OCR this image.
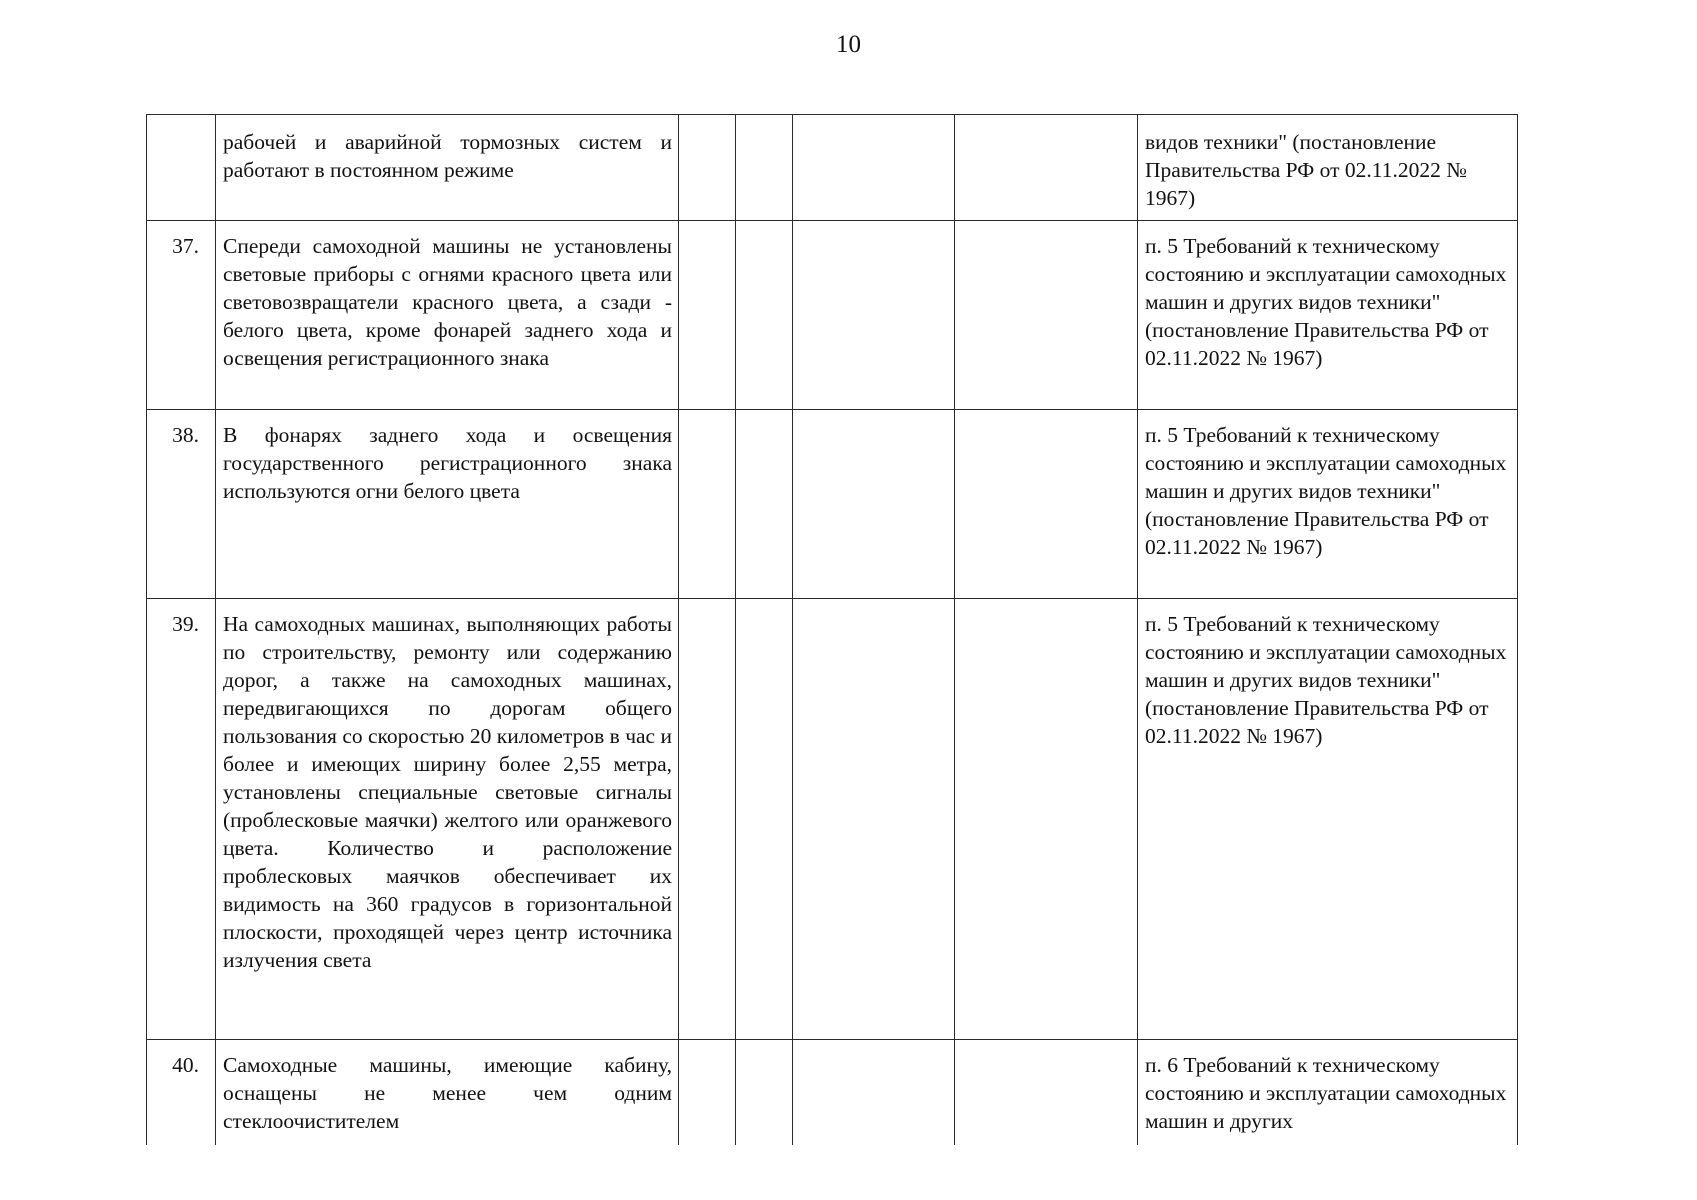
10
	рабочей и аварийной тормозных систем и работают в постоянном режиме					видов техники" (постановление Правительства РФ от 02.11.2022 № 1967)
37.	Спереди самоходной машины не установлены световые приборы с огнями красного цвета или световозвращатели красного цвета, а сзади - белого цвета, кроме фонарей заднего хода и освещения регистрационного знака					п. 5 Требований к техническому состоянию и эксплуатации самоходных машин и других видов техники" (постановление Правительства РФ от 02.11.2022 № 1967)
38.	В фонарях заднего хода и освещения государственного регистрационного знака используются огни белого цвета					п. 5 Требований к техническому состоянию и эксплуатации самоходных машин и других видов техники" (постановление Правительства РФ от 02.11.2022 № 1967)
39.	На самоходных машинах, выполняющих работы по строительству, ремонту или содержанию дорог, а также на самоходных машинах, передвигающихся по дорогам общего пользования со скоростью 20 километров в час и более и имеющих ширину более 2,55 метра, установлены специальные световые сигналы (проблесковые маячки) желтого или оранжевого цвета. Количество и расположение проблесковых маячков обеспечивает их видимость на 360 градусов в горизонтальной плоскости, проходящей через центр источника излучения света					п. 5 Требований к техническому состоянию и эксплуатации самоходных машин и других видов техники" (постановление Правительства РФ от 02.11.2022 № 1967)
40.	Самоходные машины, имеющие кабину, оснащены не менее чем одним стеклоочистителем					п. 6 Требований к техническому состоянию и эксплуатации самоходных машин и других
